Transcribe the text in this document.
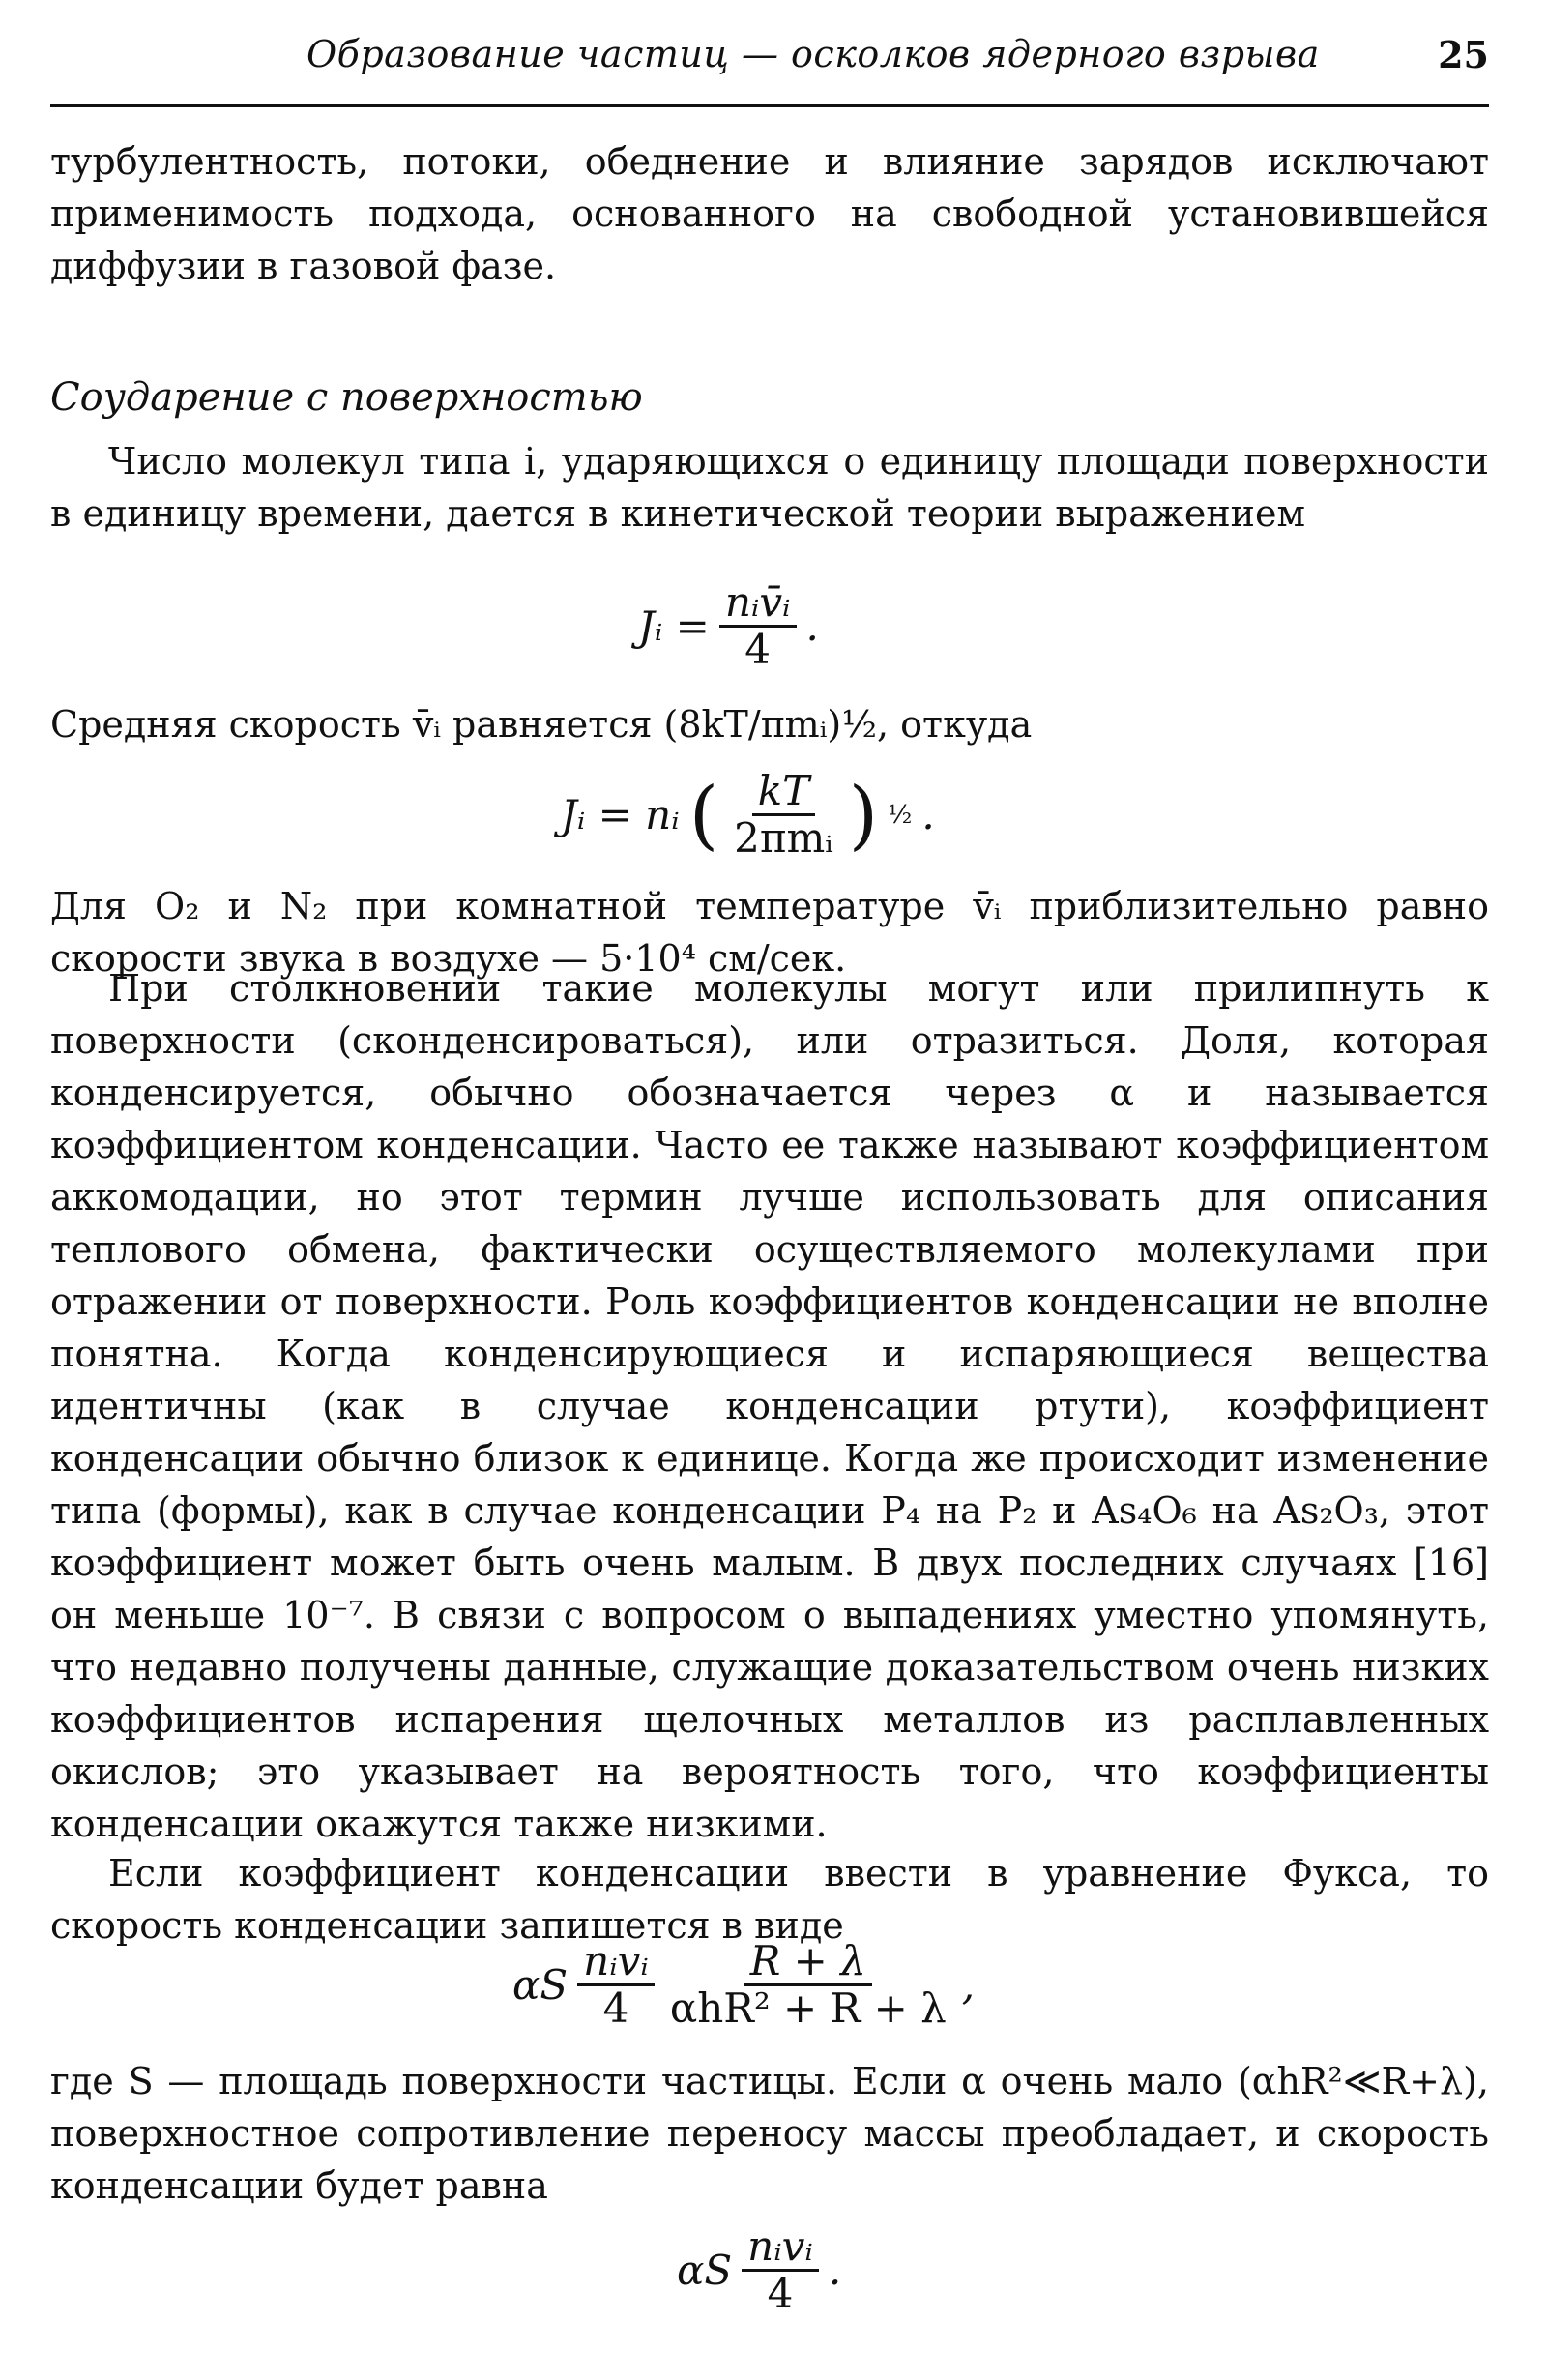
Образование частиц — осколков ядерного взрыва	25
турбулентность, потоки, обеднение и влияние зарядов исключают применимость подхода, основанного на свободной установившейся диффузии в газовой фазе.
Соударение с поверхностью
Число молекул типа i, ударяющихся о единицу площади поверхности в единицу времени, дается в кинетической теории выражением
Jᵢ = $\frac{\text{nᵢv̄ᵢ}}{4}$ .
Средняя скорость v̄ᵢ равняется (8kT/πmᵢ)½, откуда
Jᵢ = nᵢ ( $\frac{kT}{\text{2πmᵢ}}$ ) ½ .
Для O₂ и N₂ при комнатной температуре v̄ᵢ приблизительно равно скорости звука в воздухе — 5·10⁴ см/сек.
При столкновении такие молекулы могут или прилипнуть к поверхности (сконденсироваться), или отразиться. Доля, которая конденсируется, обычно обозначается через α и называется коэффициентом конденсации. Часто ее также называют коэффициентом аккомодации, но этот термин лучше использовать для описания теплового обмена, фактически осуществляемого молекулами при отражении от поверхности. Роль коэффициентов конденсации не вполне понятна. Когда конденсирующиеся и испаряющиеся вещества идентичны (как в случае конденсации ртути), коэффициент конденсации обычно близок к единице. Когда же происходит изменение типа (формы), как в случае конденсации P₄ на P₂ и As₄O₆ на As₂O₃, этот коэффициент может быть очень малым. В двух последних случаях [16] он меньше 10⁻⁷. В связи с вопросом о выпадениях уместно упомянуть, что недавно получены данные, служащие доказательством очень низких коэффициентов испарения щелочных металлов из расплавленных окислов; это указывает на вероятность того, что коэффициенты конденсации окажутся также низкими.
Если коэффициент конденсации ввести в уравнение Фукса, то скорость конденсации запишется в виде
αS $\frac{\text{nᵢvᵢ}}{4} \frac{R + \lambda}{\text{αhR² + R + λ}}$ ,
где S — площадь поверхности частицы. Если α очень мало (αhR²≪R+λ), поверхностное сопротивление переносу массы преобладает, и скорость конденсации будет равна
αS $\frac{\text{nᵢvᵢ}}{4}$ .
